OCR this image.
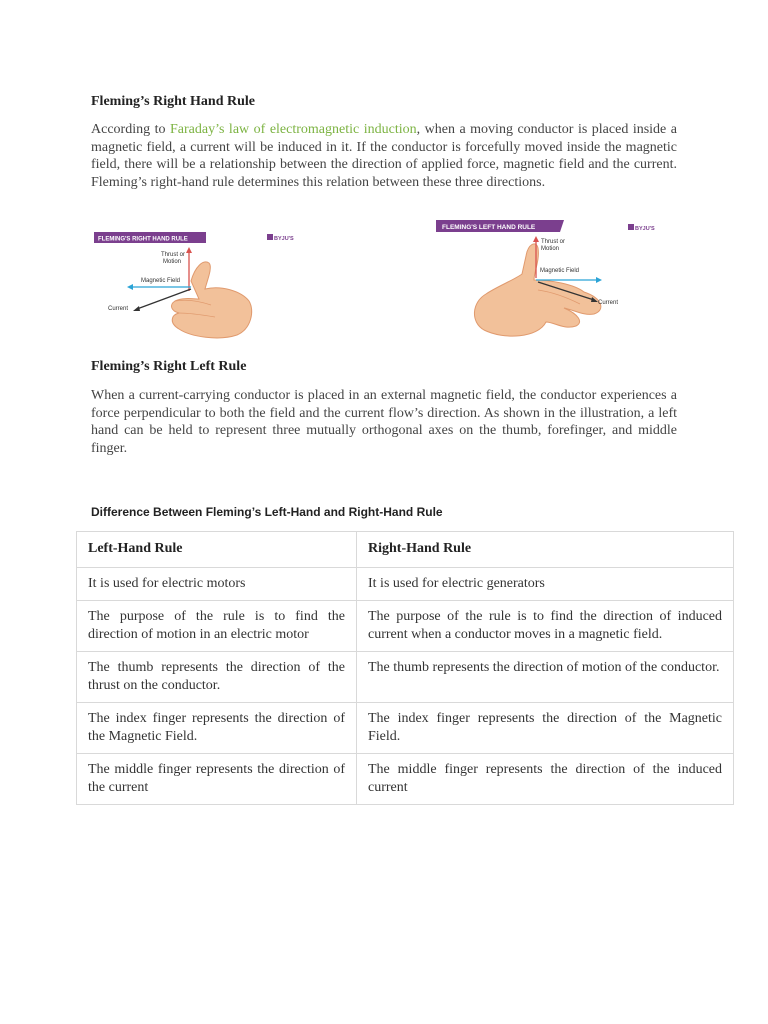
Fleming’s Right Hand Rule
According to Faraday’s law of electromagnetic induction, when a moving conductor is placed inside a magnetic field, a current will be induced in it. If the conductor is forcefully moved inside the magnetic field, there will be a relationship between the direction of applied force, magnetic field and the current. Fleming’s right-hand rule determines this relation between these three directions.
FLEMING'S RIGHT HAND RULE	BYJU'S
Thrust or
Motion
Magnetic Field
Current
FLEMING'S LEFT HAND RULE	BYJU'S
Thrust or
Motion
Magnetic Field
Current
Fleming’s Right Left Rule
When a current-carrying conductor is placed in an external magnetic field, the conductor experiences a force perpendicular to both the field and the current flow’s direction. As shown in the illustration, a left hand can be held to represent three mutually orthogonal axes on the thumb, forefinger, and middle finger.
Difference Between Fleming’s Left-Hand and Right-Hand Rule
Left-Hand Rule	Right-Hand Rule
It is used for electric motors	It is used for electric generators
The purpose of the rule is to find the direction of motion in an electric motor	The purpose of the rule is to find the direction of induced current when a conductor moves in a magnetic field.
The thumb represents the direction of the thrust on the conductor.	The thumb represents the direction of motion of the conductor.
The index finger represents the direction of the Magnetic Field.	The index finger represents the direction of the Magnetic Field.
The middle finger represents the direction of the current	The middle finger represents the direction of the induced current
